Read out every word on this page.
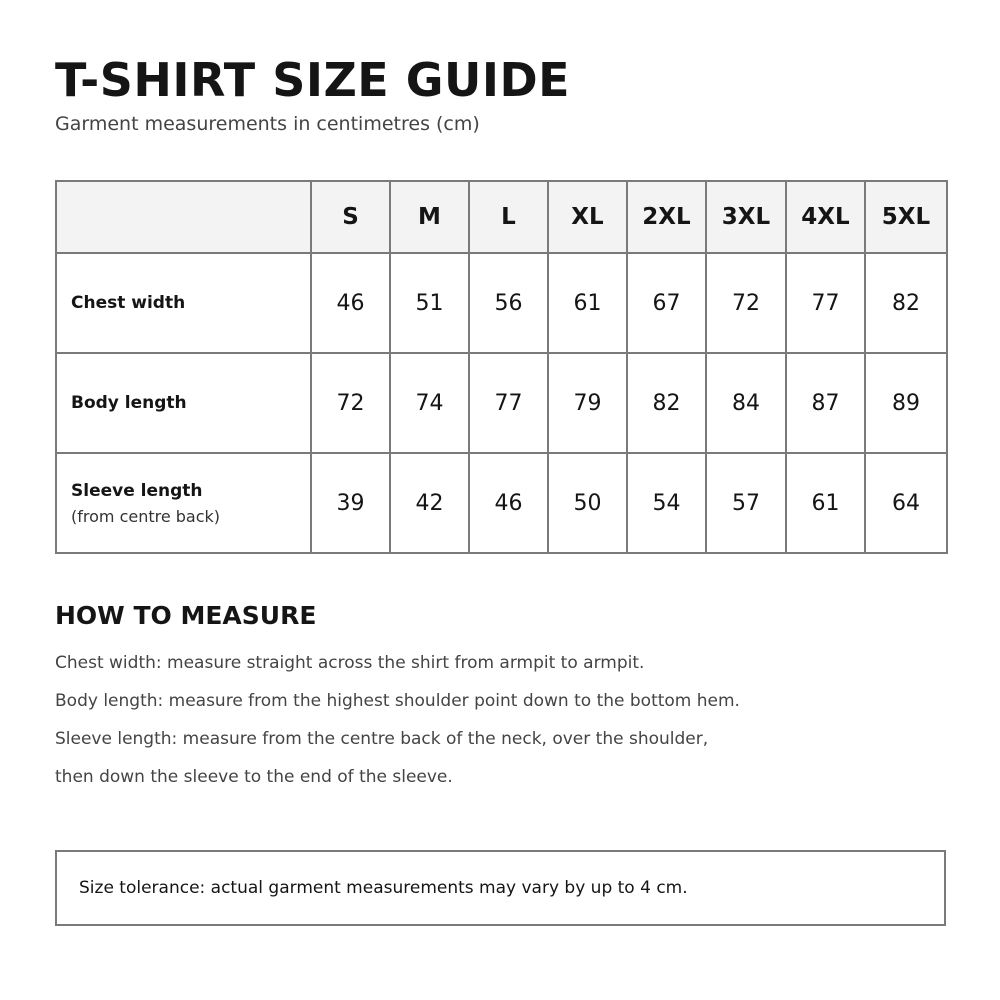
T-SHIRT SIZE GUIDE
Garment measurements in centimetres (cm)
	S	M	L	XL	2XL	3XL	4XL	5XL

Chest width	46	51	56	61	67	72	77	82

Body length	72	74	77	79	82	84	87	89

Sleeve length
(from centre back)	39	42	46	50	54	57	61	64
HOW TO MEASURE
Chest width: measure straight across the shirt from armpit to armpit.
Body length: measure from the highest shoulder point down to the bottom hem.
Sleeve length: measure from the centre back of the neck, over the shoulder,
then down the sleeve to the end of the sleeve.
Size tolerance: actual garment measurements may vary by up to 4 cm.
